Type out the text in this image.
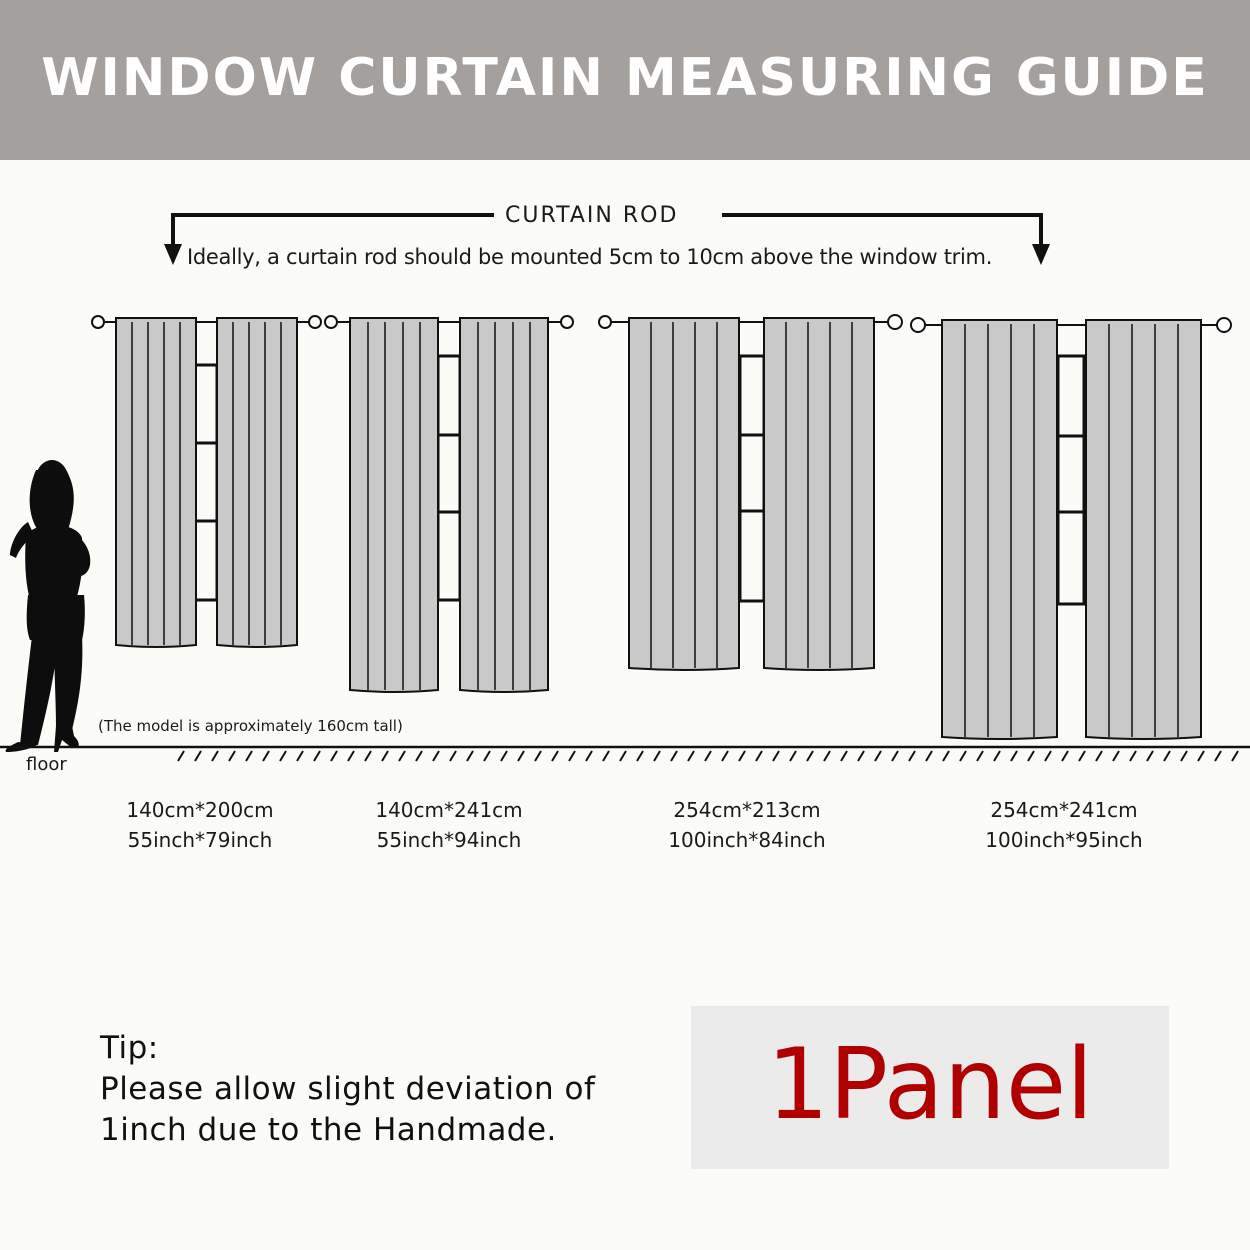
WINDOW CURTAIN MEASURING GUIDE
CURTAIN ROD
Ideally, a curtain rod should be mounted 5cm to 10cm above the window trim.
(The model is approximately 160cm tall)
floor
140cm*200cm
55inch*79inch
140cm*241cm
55inch*94inch
254cm*213cm
100inch*84inch
254cm*241cm
100inch*95inch
Tip:
Please allow slight deviation of
1inch due to the Handmade.	1Panel
